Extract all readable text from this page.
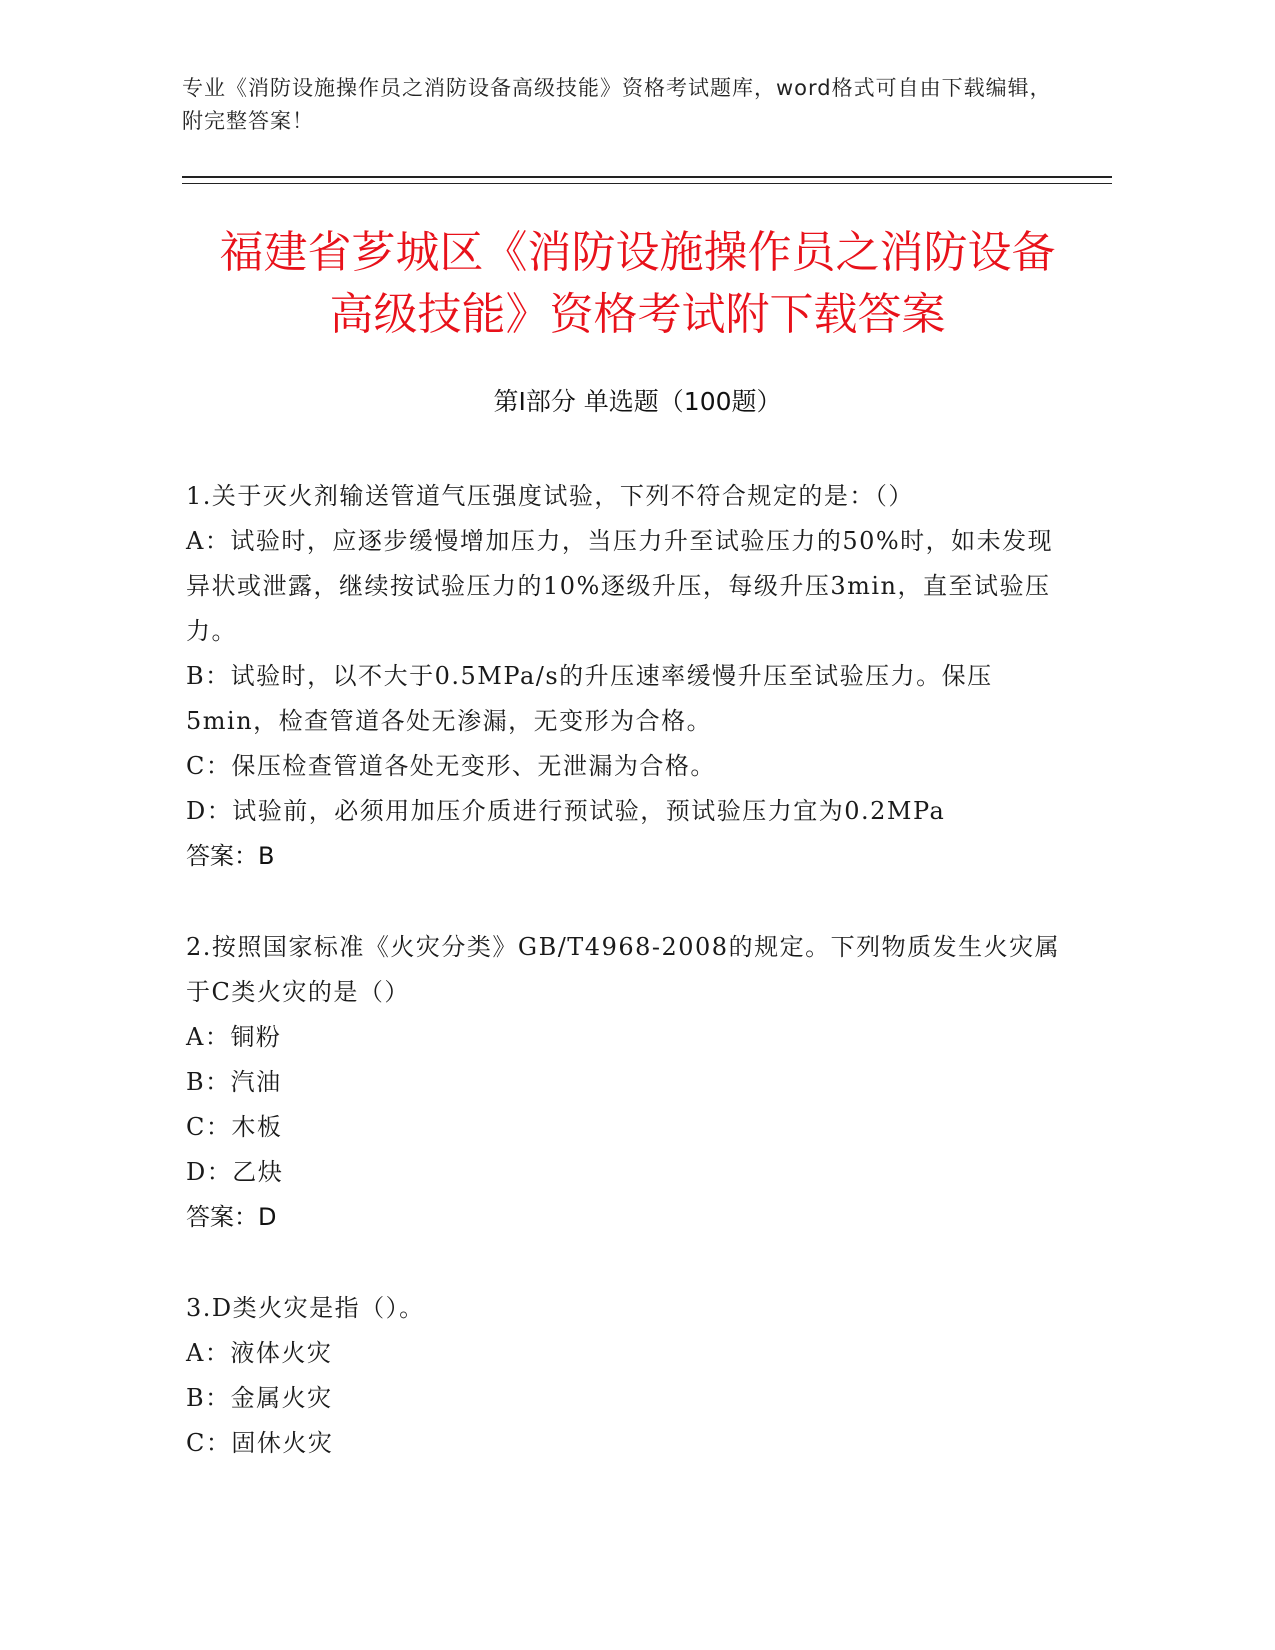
专业《消防设施操作员之消防设备高级技能》资格考试题库，word格式可自由下载编辑，附完整答案！
福建省芗城区《消防设施操作员之消防设备
高级技能》资格考试附下载答案
第Ⅰ部分 单选题（100题）

1.关于灭火剂输送管道气压强度试验，下列不符合规定的是：（）

A：试验时，应逐步缓慢增加压力，当压力升至试验压力的50%时，如未发现异状或泄露，继续按试验压力的10%逐级升压，每级升压3min，直至试验压力。

B：试验时，以不大于0.5MPa/s的升压速率缓慢升压至试验压力。保压5min，检查管道各处无渗漏，无变形为合格。

C：保压检查管道各处无变形、无泄漏为合格。

D：试验前，必须用加压介质进行预试验，预试验压力宜为0.2MPa

答案：B

2.按照国家标准《火灾分类》GB/T4968-2008的规定。下列物质发生火灾属于C类火灾的是（）

A：铜粉

B：汽油

C：木板

D：乙炔

答案：D

3.D类火灾是指（）。

A：液体火灾

B：金属火灾

C：固休火灾
